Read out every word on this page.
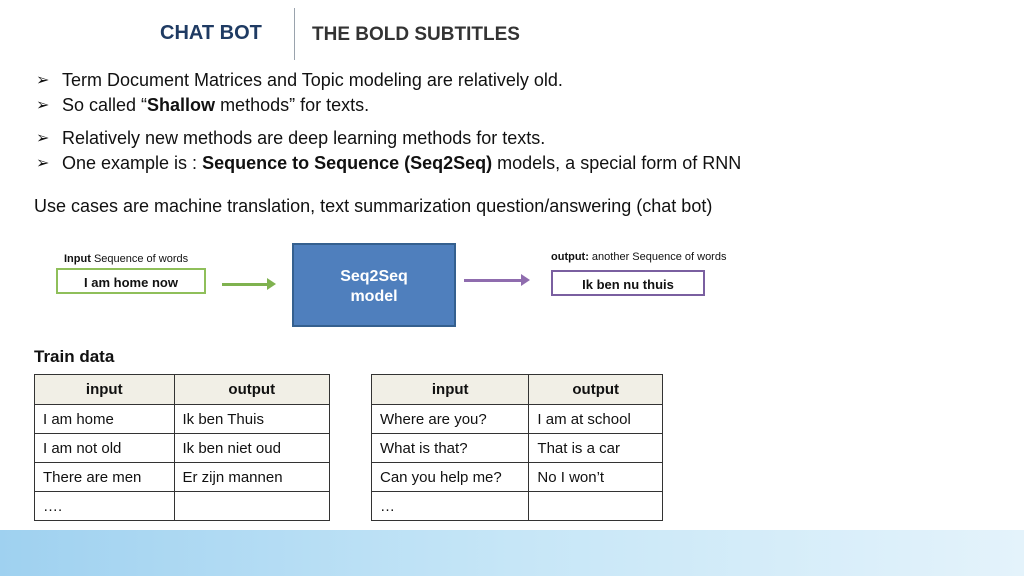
CHAT BOT	THE BOLD SUBTITLES
➢ Term Document Matrices and Topic modeling are relatively old.
➢ So called “Shallow methods” for texts.
➢ Relatively new methods are deep learning methods for texts.
➢ One example is : Sequence to Sequence (Seq2Seq) models, a special form of RNN
Use cases are machine translation, text summarization question/answering (chat bot)
Input Sequence of words
I am home now	Seq2Seq
model
output: another Sequence of words
Ik ben nu thuis
Train data
input	output
I am home	Ik ben Thuis
I am not old	Ik ben niet oud
There are men	Er zijn mannen
….	
input	output
Where are you?	I am at school
What is that?	That is a car
Can you help me?	No I won’t
…	
